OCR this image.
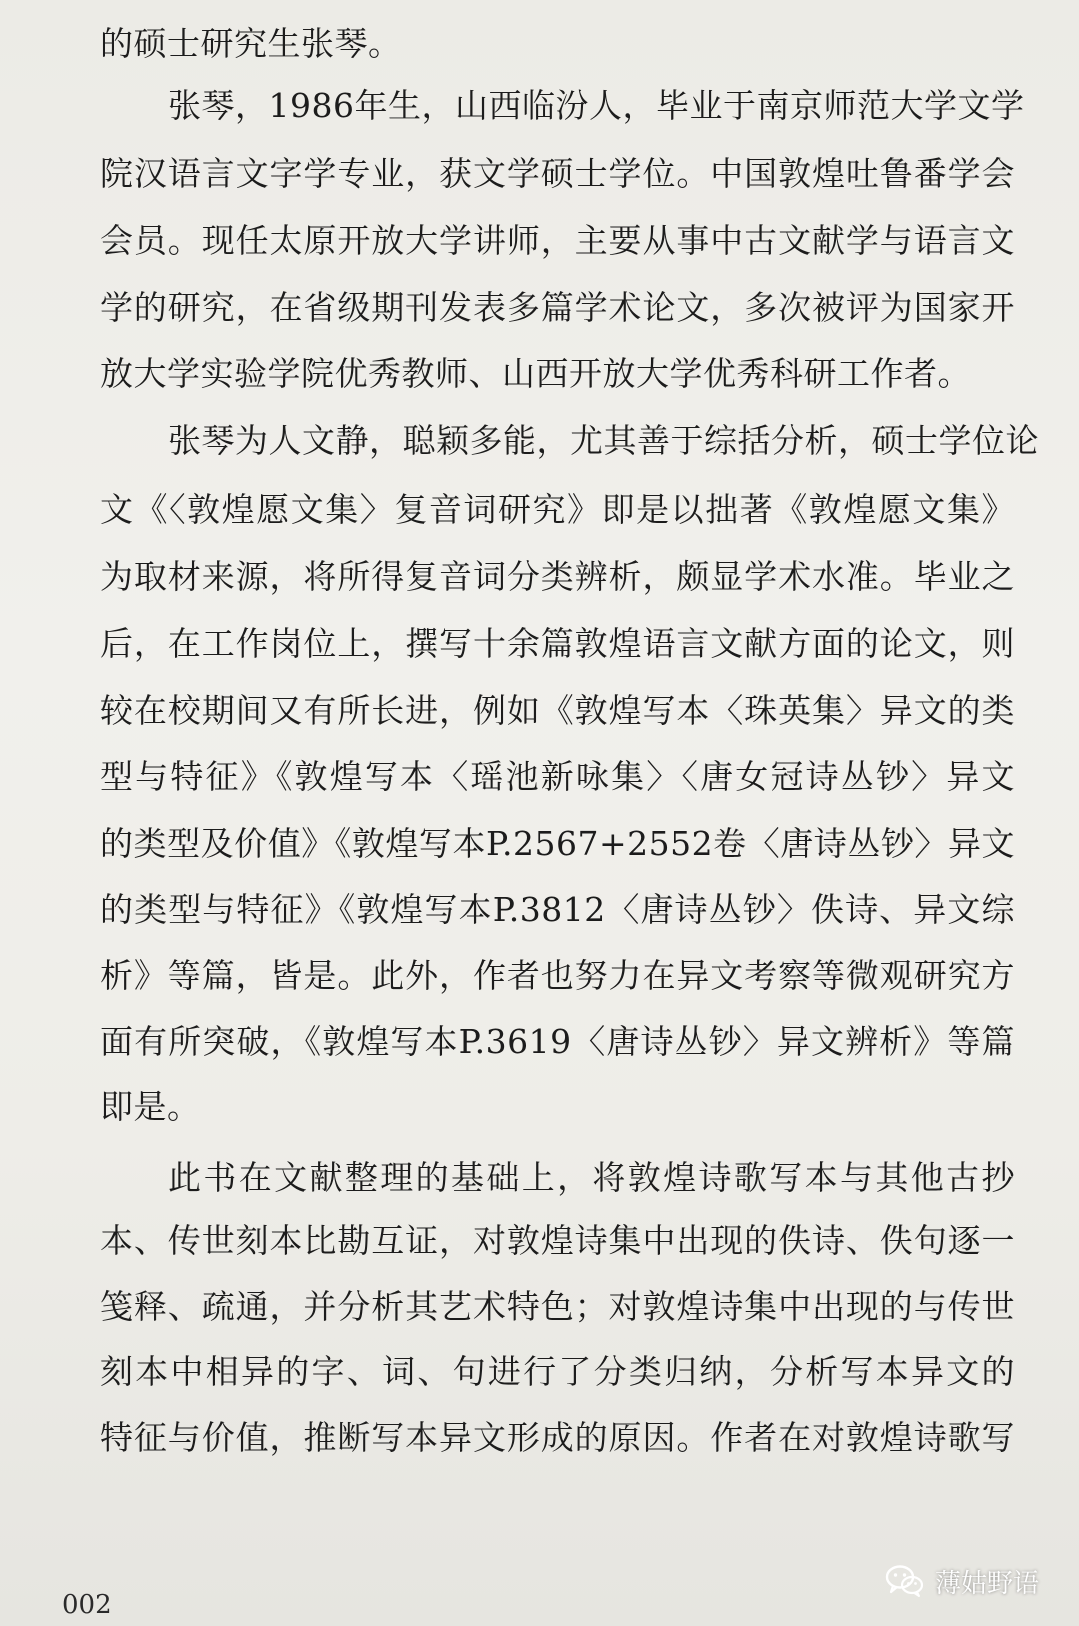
的硕士研究生张琴。
张琴，1986年生，山西临汾人，毕业于南京师范大学文学
院汉语言文字学专业，获文学硕士学位。中国敦煌吐鲁番学会
会员。现任太原开放大学讲师，主要从事中古文献学与语言文
学的研究，在省级期刊发表多篇学术论文，多次被评为国家开
放大学实验学院优秀教师、山西开放大学优秀科研工作者。
张琴为人文静，聪颖多能，尤其善于综括分析，硕士学位论
文《〈敦煌愿文集〉复音词研究》即是以拙著《敦煌愿文集》
为取材来源，将所得复音词分类辨析，颇显学术水准。毕业之
后，在工作岗位上，撰写十余篇敦煌语言文献方面的论文，则
较在校期间又有所长进，例如《敦煌写本〈珠英集〉异文的类
型与特征》《敦煌写本〈瑶池新咏集〉〈唐女冠诗丛钞〉异文
的类型及价值》《敦煌写本P.2567+2552卷〈唐诗丛钞〉异文
的类型与特征》《敦煌写本P.3812〈唐诗丛钞〉佚诗、异文综
析》等篇，皆是。此外，作者也努力在异文考察等微观研究方
面有所突破，《敦煌写本P.3619〈唐诗丛钞〉异文辨析》等篇
即是。
此书在文献整理的基础上，将敦煌诗歌写本与其他古抄
本、传世刻本比勘互证，对敦煌诗集中出现的佚诗、佚句逐一
笺释、疏通，并分析其艺术特色；对敦煌诗集中出现的与传世
刻本中相异的字、词、句进行了分类归纳，分析写本异文的
特征与价值，推断写本异文形成的原因。作者在对敦煌诗歌写
002
薄姑野语
